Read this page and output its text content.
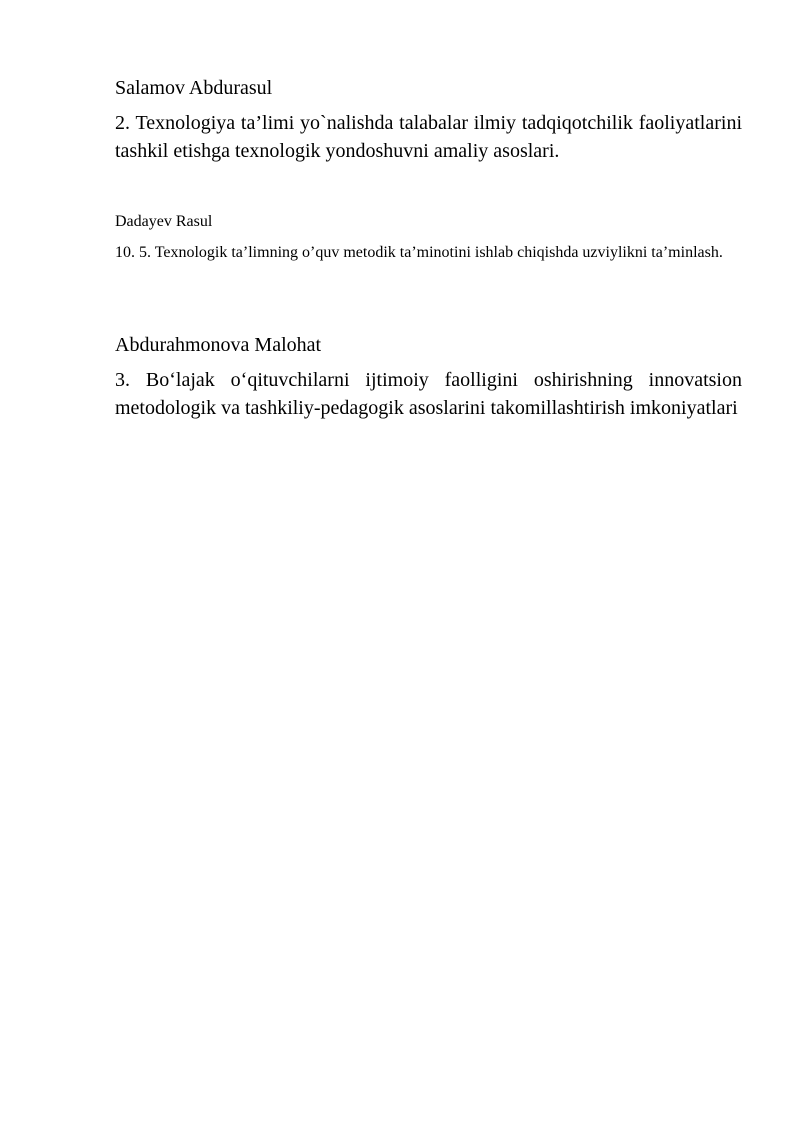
Salamov Abdurasul

2. Texnologiya ta’limi yo`nalishda talabalar ilmiy tadqiqotchilik faoliyatlarini tashkil etishga texnologik yondoshuvni amaliy asoslari.

Dadayev Rasul

10. 5. Texnologik ta’limning o’quv metodik ta’minotini ishlab chiqishda uzviylikni ta’minlash.

Abdurahmonova Malohat

3. Bo‘lajak o‘qituvchilarni ijtimoiy faolligini oshirishning innovatsion metodologik va tashkiliy-pedagogik asoslarini takomillashtirish imkoniyatlari
